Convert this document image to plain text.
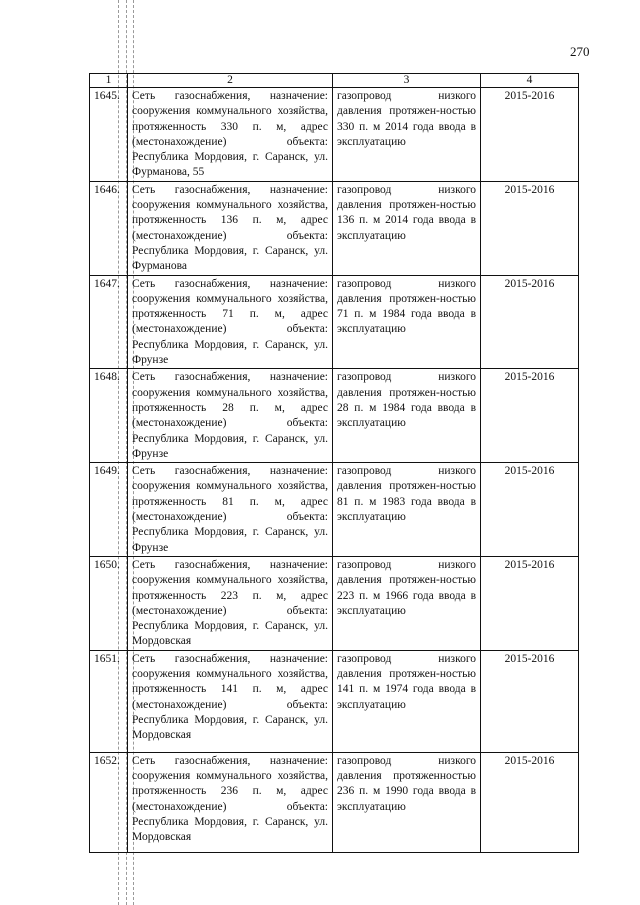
270
1	2	3	4
1645.	Сеть газоснабжения, назначение: сооружения коммунального хозяйства, протяженность 330 п. м, адрес (местонахождение) объекта: Республика Мордовия, г. Саранск, ул. Фурманова, 55	газопровод низкого давления протяжен-ностью 330 п. м 2014 года ввода в эксплуатацию	2015-2016
1646.	Сеть газоснабжения, назначение: сооружения коммунального хозяйства, протяженность 136 п. м, адрес (местонахождение) объекта: Республика Мордовия, г. Саранск, ул. Фурманова	газопровод низкого давления протяжен-ностью 136 п. м 2014 года ввода в эксплуатацию	2015-2016
1647.	Сеть газоснабжения, назначение: сооружения коммунального хозяйства, протяженность 71 п. м, адрес (местонахождение) объекта: Республика Мордовия, г. Саранск, ул. Фрунзе	газопровод низкого давления протяжен-ностью 71 п. м 1984 года ввода в эксплуатацию	2015-2016
1648.	Сеть газоснабжения, назначение: сооружения коммунального хозяйства, протяженность 28 п. м, адрес (местонахождение) объекта: Республика Мордовия, г. Саранск, ул. Фрунзе	газопровод низкого давления протяжен-ностью 28 п. м 1984 года ввода в эксплуатацию	2015-2016
1649.	Сеть газоснабжения, назначение: сооружения коммунального хозяйства, протяженность 81 п. м, адрес (местонахождение) объекта: Республика Мордовия, г. Саранск, ул. Фрунзе	газопровод низкого давления протяжен-ностью 81 п. м 1983 года ввода в эксплуатацию	2015-2016
1650.	Сеть газоснабжения, назначение: сооружения коммунального хозяйства, протяженность 223 п. м, адрес (местонахождение) объекта: Республика Мордовия, г. Саранск, ул. Мордовская	газопровод низкого давления протяжен-ностью 223 п. м 1966 года ввода в эксплуатацию	2015-2016
1651.	Сеть газоснабжения, назначение: сооружения коммунального хозяйства, протяженность 141 п. м, адрес (местонахождение) объекта: Республика Мордовия, г. Саранск, ул. Мордовская	газопровод низкого давления протяжен-ностью 141 п. м 1974 года ввода в эксплуатацию	2015-2016
1652.	Сеть газоснабжения, назначение: сооружения коммунального хозяйства, протяженность 236 п. м, адрес (местонахождение) объекта: Республика Мордовия, г. Саранск, ул. Мордовская	газопровод низкого давления протяженностью 236 п. м 1990 года ввода в эксплуатацию	2015-2016
